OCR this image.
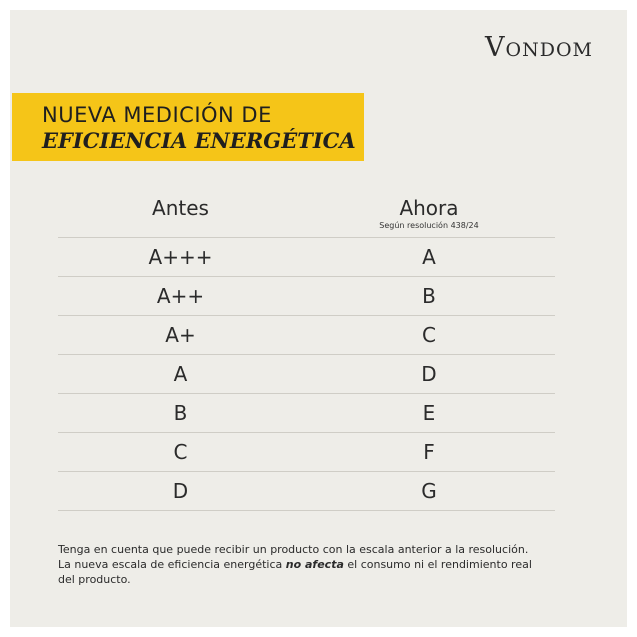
Vondom
NUEVA MEDICIÓN DE
EFICIENCIA ENERGÉTICA
Antes	Ahora
Según resolución 438/24
A+++	A
A++	B
A+	C
A	D
B	E
C	F
D	G
Tenga en cuenta que puede recibir un producto con la escala anterior a la resolución.
La nueva escala de eficiencia energética no afecta el consumo ni el rendimiento real
del producto.
